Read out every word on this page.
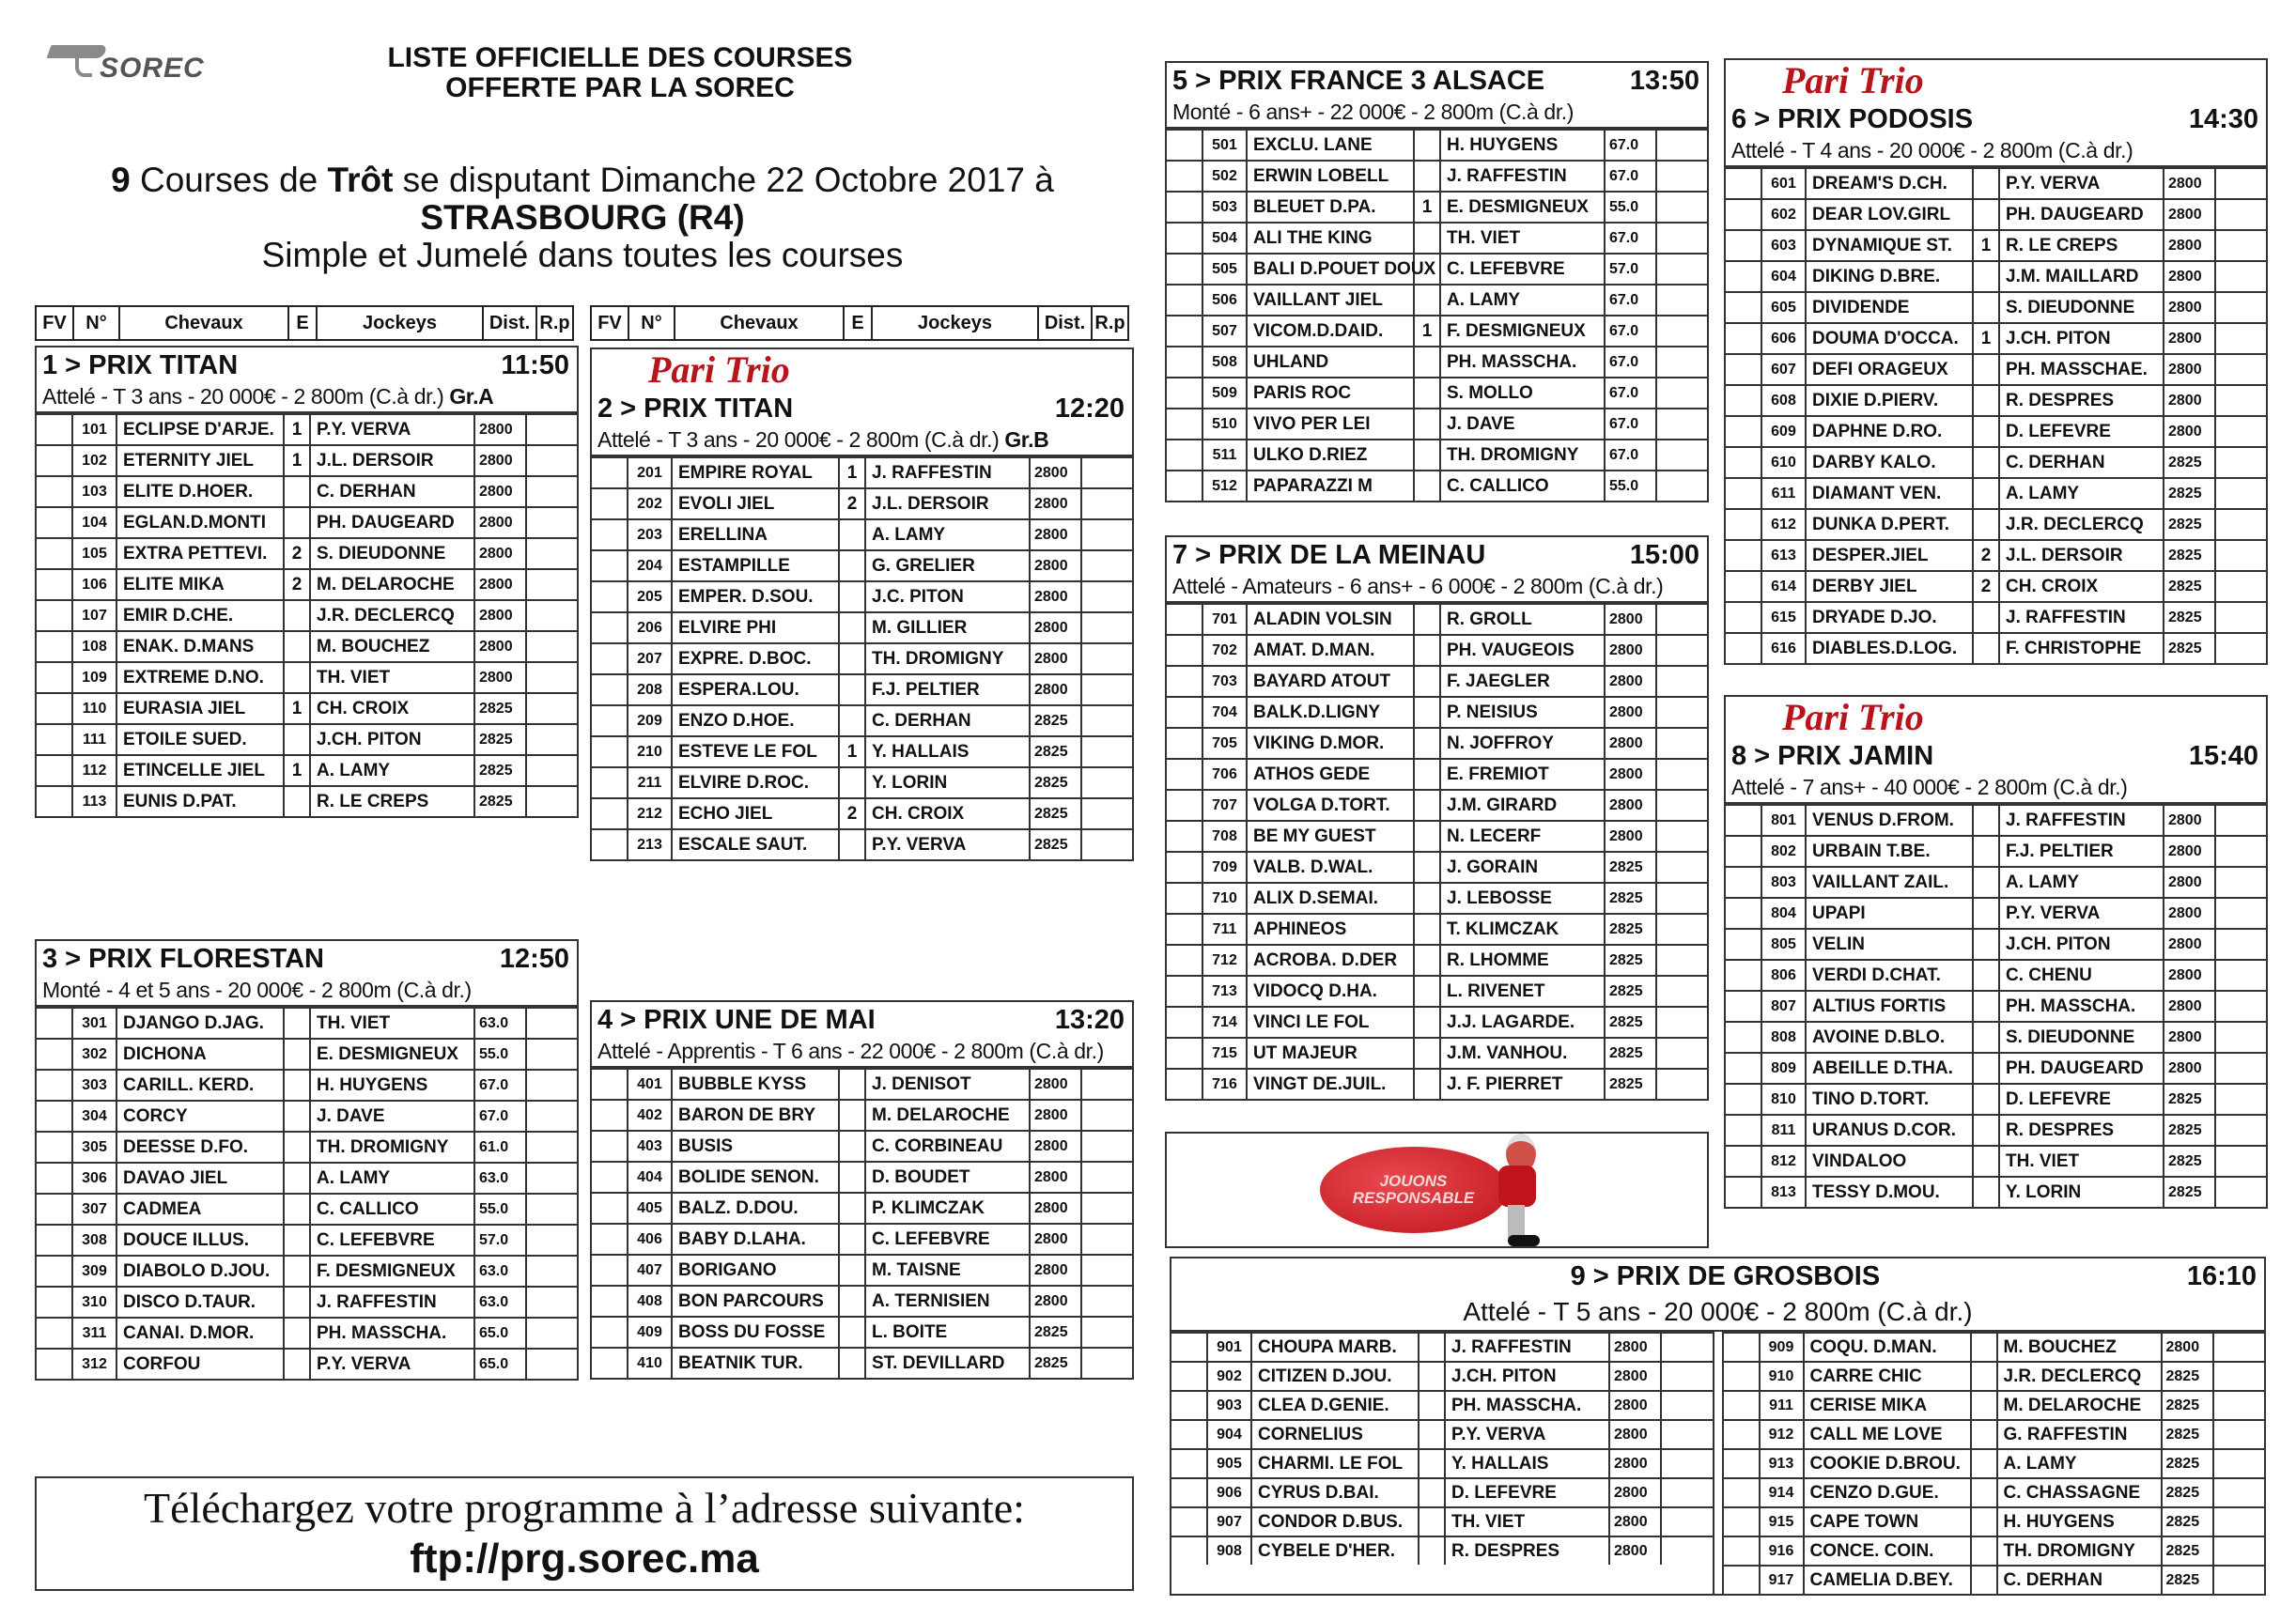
SOREC	LISTE OFFICIELLE DES COURSES
OFFERTE PAR LA SOREC
9 Courses de Trôt se disputant Dimanche 22 Octobre 2017 à
STRASBOURG (R4)
Simple et Jumelé dans toutes les courses
FV	N°	Chevaux	E	Jockeys	Dist. R.p	FV	N°	Chevaux	E	Jockeys	Dist. R.p
1 > PRIX TITAN	11:50
Attelé - T 3 ans - 20 000€ - 2 800m (C.à dr.) Gr.A
	101	ECLIPSE D'ARJE.	1	P.Y. VERVA	2800	
	102	ETERNITY JIEL	1	J.L. DERSOIR	2800	
	103	ELITE D.HOER.		C. DERHAN	2800	
	104	EGLAN.D.MONTI		PH. DAUGEARD	2800	
	105	EXTRA PETTEVI.	2	S. DIEUDONNE	2800	
	106	ELITE MIKA	2	M. DELAROCHE	2800	
	107	EMIR D.CHE.		J.R. DECLERCQ	2800	
	108	ENAK. D.MANS		M. BOUCHEZ	2800	
	109	EXTREME D.NO.		TH. VIET	2800	
	110	EURASIA JIEL	1	CH. CROIX	2825	
	111	ETOILE SUED.		J.CH. PITON	2825	
	112	ETINCELLE JIEL	1	A. LAMY	2825	
	113	EUNIS D.PAT.		R. LE CREPS	2825	
Pari Trio
2 > PRIX TITAN	12:20
Attelé - T 3 ans - 20 000€ - 2 800m (C.à dr.) Gr.B
	201	EMPIRE ROYAL	1	J. RAFFESTIN	2800	
	202	EVOLI JIEL	2	J.L. DERSOIR	2800	
	203	ERELLINA		A. LAMY	2800	
	204	ESTAMPILLE		G. GRELIER	2800	
	205	EMPER. D.SOU.		J.C. PITON	2800	
	206	ELVIRE PHI		M. GILLIER	2800	
	207	EXPRE. D.BOC.		TH. DROMIGNY	2800	
	208	ESPERA.LOU.		F.J. PELTIER	2800	
	209	ENZO D.HOE.		C. DERHAN	2825	
	210	ESTEVE LE FOL	1	Y. HALLAIS	2825	
	211	ELVIRE D.ROC.		Y. LORIN	2825	
	212	ECHO JIEL	2	CH. CROIX	2825	
	213	ESCALE SAUT.		P.Y. VERVA	2825	
3 > PRIX FLORESTAN	12:50
Monté - 4 et 5 ans - 20 000€ - 2 800m (C.à dr.)
	301	DJANGO D.JAG.		TH. VIET	63.0	
	302	DICHONA		E. DESMIGNEUX	55.0	
	303	CARILL. KERD.		H. HUYGENS	67.0	
	304	CORCY		J. DAVE	67.0	
	305	DEESSE D.FO.		TH. DROMIGNY	61.0	
	306	DAVAO JIEL		A. LAMY	63.0	
	307	CADMEA		C. CALLICO	55.0	
	308	DOUCE ILLUS.		C. LEFEBVRE	57.0	
	309	DIABOLO D.JOU.		F. DESMIGNEUX	63.0	
	310	DISCO D.TAUR.		J. RAFFESTIN	63.0	
	311	CANAI. D.MOR.		PH. MASSCHA.	65.0	
	312	CORFOU		P.Y. VERVA	65.0	
4 > PRIX UNE DE MAI	13:20
Attelé - Apprentis - T 6 ans - 22 000€ - 2 800m (C.à dr.)
	401	BUBBLE KYSS		J. DENISOT	2800	
	402	BARON DE BRY		M. DELAROCHE	2800	
	403	BUSIS		C. CORBINEAU	2800	
	404	BOLIDE SENON.		D. BOUDET	2800	
	405	BALZ. D.DOU.		P. KLIMCZAK	2800	
	406	BABY D.LAHA.		C. LEFEBVRE	2800	
	407	BORIGANO		M. TAISNE	2800	
	408	BON PARCOURS		A. TERNISIEN	2800	
	409	BOSS DU FOSSE		L. BOITE	2825	
	410	BEATNIK TUR.		ST. DEVILLARD	2825	
5 > PRIX FRANCE 3 ALSACE	13:50
Monté - 6 ans+ - 22 000€ - 2 800m (C.à dr.)
	501	EXCLU. LANE		H. HUYGENS	67.0	
	502	ERWIN LOBELL		J. RAFFESTIN	67.0	
	503	BLEUET D.PA.	1	E. DESMIGNEUX	55.0	
	504	ALI THE KING		TH. VIET	67.0	
	505	BALI D.POUET DOUX		C. LEFEBVRE	57.0	
	506	VAILLANT JIEL		A. LAMY	67.0	
	507	VICOM.D.DAID.	1	F. DESMIGNEUX	67.0	
	508	UHLAND		PH. MASSCHA.	67.0	
	509	PARIS ROC		S. MOLLO	67.0	
	510	VIVO PER LEI		J. DAVE	67.0	
	511	ULKO D.RIEZ		TH. DROMIGNY	67.0	
	512	PAPARAZZI M		C. CALLICO	55.0	
7 > PRIX DE LA MEINAU	15:00
Attelé - Amateurs - 6 ans+ - 6 000€ - 2 800m (C.à dr.)
	701	ALADIN VOLSIN		R. GROLL	2800	
	702	AMAT. D.MAN.		PH. VAUGEOIS	2800	
	703	BAYARD ATOUT		F. JAEGLER	2800	
	704	BALK.D.LIGNY		P. NEISIUS	2800	
	705	VIKING D.MOR.		N. JOFFROY	2800	
	706	ATHOS GEDE		E. FREMIOT	2800	
	707	VOLGA D.TORT.		J.M. GIRARD	2800	
	708	BE MY GUEST		N. LECERF	2800	
	709	VALB. D.WAL.		J. GORAIN	2825	
	710	ALIX D.SEMAI.		J. LEBOSSE	2825	
	711	APHINEOS		T. KLIMCZAK	2825	
	712	ACROBA. D.DER		R. LHOMME	2825	
	713	VIDOCQ D.HA.		L. RIVENET	2825	
	714	VINCI LE FOL		J.J. LAGARDE.	2825	
	715	UT MAJEUR		J.M. VANHOU.	2825	
	716	VINGT DE.JUIL.		J. F. PIERRET	2825	
Pari Trio
6 > PRIX PODOSIS	14:30
Attelé - T 4 ans - 20 000€ - 2 800m (C.à dr.)
	601	DREAM'S D.CH.		P.Y. VERVA	2800	
	602	DEAR LOV.GIRL		PH. DAUGEARD	2800	
	603	DYNAMIQUE ST.	1	R. LE CREPS	2800	
	604	DIKING D.BRE.		J.M. MAILLARD	2800	
	605	DIVIDENDE		S. DIEUDONNE	2800	
	606	DOUMA D'OCCA.	1	J.CH. PITON	2800	
	607	DEFI ORAGEUX		PH. MASSCHAE.	2800	
	608	DIXIE D.PIERV.		R. DESPRES	2800	
	609	DAPHNE D.RO.		D. LEFEVRE	2800	
	610	DARBY KALO.		C. DERHAN	2825	
	611	DIAMANT VEN.		A. LAMY	2825	
	612	DUNKA D.PERT.		J.R. DECLERCQ	2825	
	613	DESPER.JIEL	2	J.L. DERSOIR	2825	
	614	DERBY JIEL	2	CH. CROIX	2825	
	615	DRYADE D.JO.		J. RAFFESTIN	2825	
	616	DIABLES.D.LOG.		F. CHRISTOPHE	2825	
Pari Trio
8 > PRIX JAMIN	15:40
Attelé - 7 ans+ - 40 000€ - 2 800m (C.à dr.)
	801	VENUS D.FROM.		J. RAFFESTIN	2800	
	802	URBAIN T.BE.		F.J. PELTIER	2800	
	803	VAILLANT ZAIL.		A. LAMY	2800	
	804	UPAPI		P.Y. VERVA	2800	
	805	VELIN		J.CH. PITON	2800	
	806	VERDI D.CHAT.		C. CHENU	2800	
	807	ALTIUS FORTIS		PH. MASSCHA.	2800	
	808	AVOINE D.BLO.		S. DIEUDONNE	2800	
	809	ABEILLE D.THA.		PH. DAUGEARD	2800	
	810	TINO D.TORT.		D. LEFEVRE	2825	
	811	URANUS D.COR.		R. DESPRES	2825	
	812	VINDALOO		TH. VIET	2825	
	813	TESSY D.MOU.		Y. LORIN	2825	
JOUONS
RESPONSABLE
9 > PRIX DE GROSBOIS	16:10
Attelé - T 5 ans - 20 000€ - 2 800m (C.à dr.)
	901	CHOUPA MARB.		J. RAFFESTIN	2800	
	902	CITIZEN D.JOU.		J.CH. PITON	2800	
	903	CLEA D.GENIE.		PH. MASSCHA.	2800	
	904	CORNELIUS		P.Y. VERVA	2800	
	905	CHARMI. LE FOL		Y. HALLAIS	2800	
	906	CYRUS D.BAI.		D. LEFEVRE	2800	
	907	CONDOR D.BUS.		TH. VIET	2800	
	908	CYBELE D'HER.		R. DESPRES	2800	
	909	COQU. D.MAN.		M. BOUCHEZ	2800	
	910	CARRE CHIC		J.R. DECLERCQ	2825	
	911	CERISE MIKA		M. DELAROCHE	2825	
	912	CALL ME LOVE		G. RAFFESTIN	2825	
	913	COOKIE D.BROU.		A. LAMY	2825	
	914	CENZO D.GUE.		C. CHASSAGNE	2825	
	915	CAPE TOWN		H. HUYGENS	2825	
	916	CONCE. COIN.		TH. DROMIGNY	2825	
	917	CAMELIA D.BEY.		C. DERHAN	2825	
Téléchargez votre programme à l’adresse suivante:
ftp://prg.sorec.ma
